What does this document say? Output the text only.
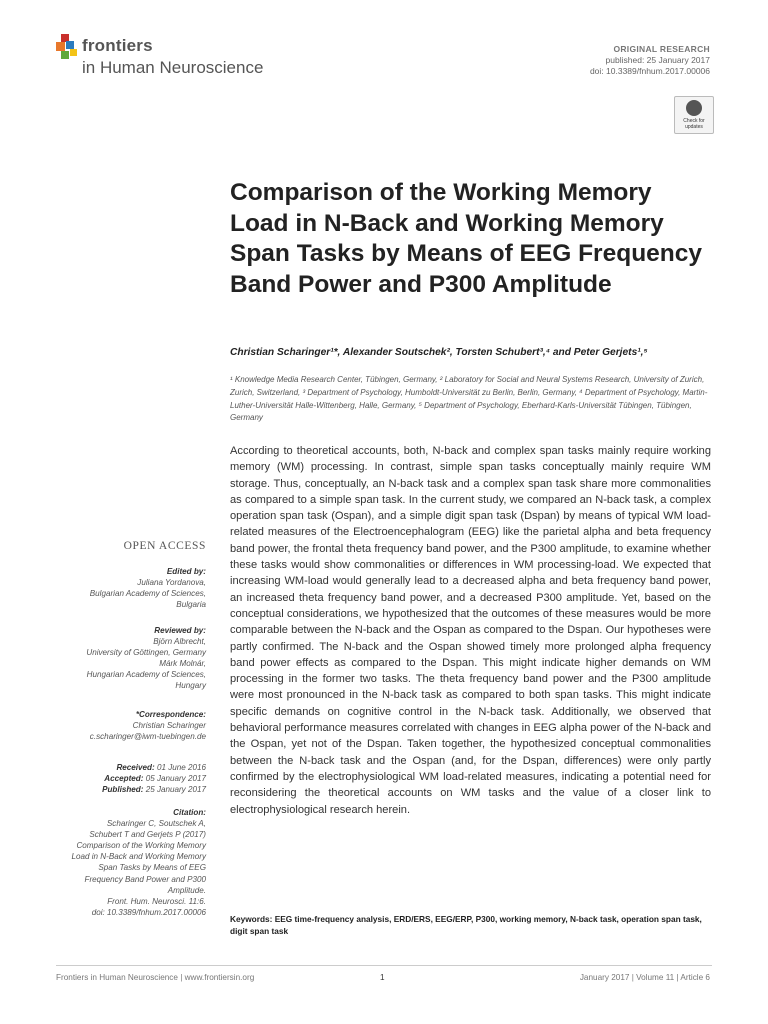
frontiers
in Human Neuroscience
ORIGINAL RESEARCH
published: 25 January 2017
doi: 10.3389/fnhum.2017.00006
Check for updates
Comparison of the Working Memory Load in N-Back and Working Memory Span Tasks by Means of EEG Frequency Band Power and P300 Amplitude
Christian Scharinger¹*, Alexander Soutschek², Torsten Schubert³,⁴ and Peter Gerjets¹,⁵
¹ Knowledge Media Research Center, Tübingen, Germany, ² Laboratory for Social and Neural Systems Research, University of Zurich, Zurich, Switzerland, ³ Department of Psychology, Humboldt-Universität zu Berlin, Berlin, Germany, ⁴ Department of Psychology, Martin-Luther-Universität Halle-Wittenberg, Halle, Germany, ⁵ Department of Psychology, Eberhard-Karls-Universität Tübingen, Tübingen, Germany

According to theoretical accounts, both, N-back and complex span tasks mainly require working memory (WM) processing. In contrast, simple span tasks conceptually mainly require WM storage. Thus, conceptually, an N-back task and a complex span task share more commonalities as compared to a simple span task. In the current study, we compared an N-back task, a complex operation span task (Ospan), and a simple digit span task (Dspan) by means of typical WM load-related measures of the Electroencephalogram (EEG) like the parietal alpha and beta frequency band power, the frontal theta frequency band power, and the P300 amplitude, to examine whether these tasks would show commonalities or differences in WM processing-load. We expected that increasing WM-load would generally lead to a decreased alpha and beta frequency band power, an increased theta frequency band power, and a decreased P300 amplitude. Yet, based on the conceptual considerations, we hypothesized that the outcomes of these measures would be more comparable between the N-back and the Ospan as compared to the Dspan. Our hypotheses were partly confirmed. The N-back and the Ospan showed timely more prolonged alpha frequency band power effects as compared to the Dspan. This might indicate higher demands on WM processing in the former two tasks. The theta frequency band power and the P300 amplitude were most pronounced in the N-back task as compared to both span tasks. This might indicate specific demands on cognitive control in the N-back task. Additionally, we observed that behavioral performance measures correlated with changes in EEG alpha power of the N-back and the Ospan, yet not of the Dspan. Taken together, the hypothesized conceptual commonalities between the N-back task and the Ospan (and, for the Dspan, differences) were only partly confirmed by the electrophysiological WM load-related measures, indicating a potential need for reconsidering the theoretical accounts on WM tasks and the value of a closer link to electrophysiological research herein.

Keywords: EEG time-frequency analysis, ERD/ERS, EEG/ERP, P300, working memory, N-back task, operation span task, digit span task
OPEN ACCESS
Edited by:
Juliana Yordanova,
Bulgarian Academy of Sciences,
Bulgaria
Reviewed by:
Björn Albrecht,
University of Göttingen, Germany
Márk Molnár,
Hungarian Academy of Sciences,
Hungary
*Correspondence:
Christian Scharinger
c.scharinger@iwm-tuebingen.de
Received: 01 June 2016
Accepted: 05 January 2017
Published: 25 January 2017
Citation:
Scharinger C, Soutschek A,
Schubert T and Gerjets P (2017)
Comparison of the Working Memory
Load in N-Back and Working Memory
Span Tasks by Means of EEG
Frequency Band Power and P300
Amplitude.
Front. Hum. Neurosci. 11:6.
doi: 10.3389/fnhum.2017.00006
Frontiers in Human Neuroscience | www.frontiersin.org	1	January 2017 | Volume 11 | Article 6
